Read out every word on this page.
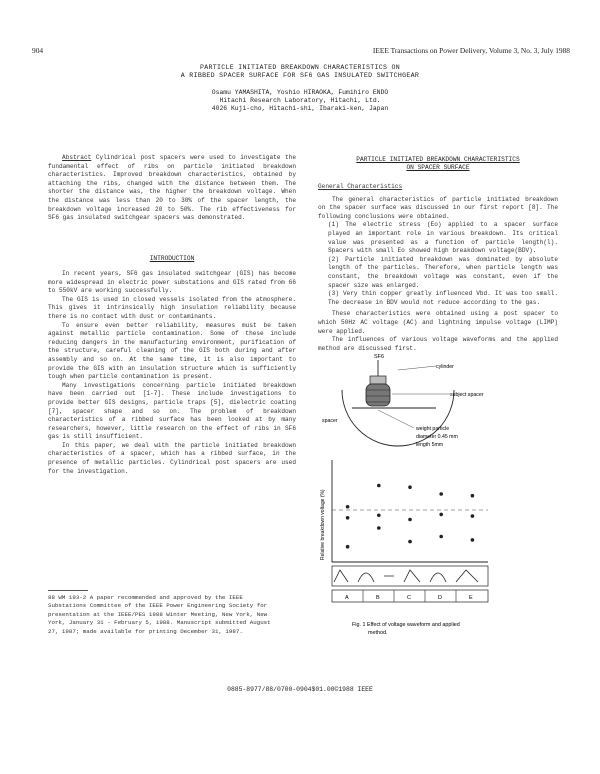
904	IEEE Transactions on Power Delivery, Volume 3, No. 3, July 1988
PARTICLE INITIATED BREAKDOWN CHARACTERISTICS ON
A RIBBED SPACER SURFACE FOR SF6 GAS INSULATED SWITCHGEAR
Osamu YAMASHITA, Yoshio HIRAOKA, Fumihiro ENDO
Hitachi Research Laboratory, Hitachi, Ltd.
4026 Kuji-cho, Hitachi-shi, Ibaraki-ken, Japan

Abstract Cylindrical post spacers were used to investigate the fundamental effect of ribs on particle initiated breakdown characteristics. Improved breakdown characteristics, obtained by attaching the ribs, changed with the distance between them. The shorter the distance was, the higher the breakdown voltage. When the distance was less than 20 to 30% of the spacer length, the breakdown voltage increased 20 to 50%. The rib effectiveness for SF6 gas insulated switchgear spacers was demonstrated.

INTRODUCTION

In recent years, SF6 gas insulated switchgear (GIS) has become more widespread in electric power substations and GIS rated from 66 to 550kV are working successfully.

The GIS is used in closed vessels isolated from the atmosphere. This gives it intrinsically high insulation reliability because there is no contact with dust or contaminants.

To ensure even better reliability, measures must be taken against metallic particle contamination. Some of these include reducing dangers in the manufacturing environment, purification of the structure, careful cleaning of the GIS both during and after assembly and so on. At the same time, it is also important to provide the GIS with an insulation structure which is sufficiently tough when particle contamination is present.

Many investigations concerning particle initiated breakdown have been carried out [1-7]. These include investigations to provide better GIS designs, particle traps [5], dielectric coating [7], spacer shape and so on. The problem of breakdown characteristics of a ribbed surface has been looked at by many researchers, however, little research on the effect of ribs in SF6 gas is still insufficient.

In this paper, we deal with the particle initiated breakdown characteristics of a spacer, which has a ribbed surface, in the presence of metallic particles. Cylindrical post spacers are used for the investigation.

88 WM 193-2 A paper recommended and approved by the IEEE Substations Committee of the IEEE Power Engineering Society for presentation at the IEEE/PES 1988 Winter Meeting, New York, New York, January 31 - February 5, 1988. Manuscript submitted August 27, 1987; made available for printing December 31, 1987.
PARTICLE INITIATED BREAKDOWN CHARACTERISTICS
ON SPACER SURFACE
General Characteristics

The general characteristics of particle initiated breakdown on the spacer surface was discussed in our first report [8]. The following conclusions were obtained.

(1) The electric stress (Eo) applied to a spacer surface played an important role in various breakdown. Its critical value was presented as a function of particle length(l). Spacers with small Eo showed high breakdown voltage(BDV).

(2) Particle initiated breakdown was dominated by absolute length of the particles. Therefore, when particle length was constant, the breakdown voltage was constant, even if the spacer size was enlarged.

(3) Very thin copper greatly influenced Vbd. It was too small. The decrease in BDV would not reduce according to the gas.

These characteristics were obtained using a post spacer to which 50Hz AC voltage (AC) and lightning impulse voltage (LIMP) were applied.

The influences of various voltage waveforms and the applied method are discussed first.

SF6
cylinder
subject spacer
spacer
weight particle
diameter 0.45 mm
length 5mm
Relative breakdown voltage (%)
A	B	C	D	E
Fig. 1 Effect of voltage waveform and applied
method.
0885-8977/88/0700-0904$01.00©1988 IEEE
